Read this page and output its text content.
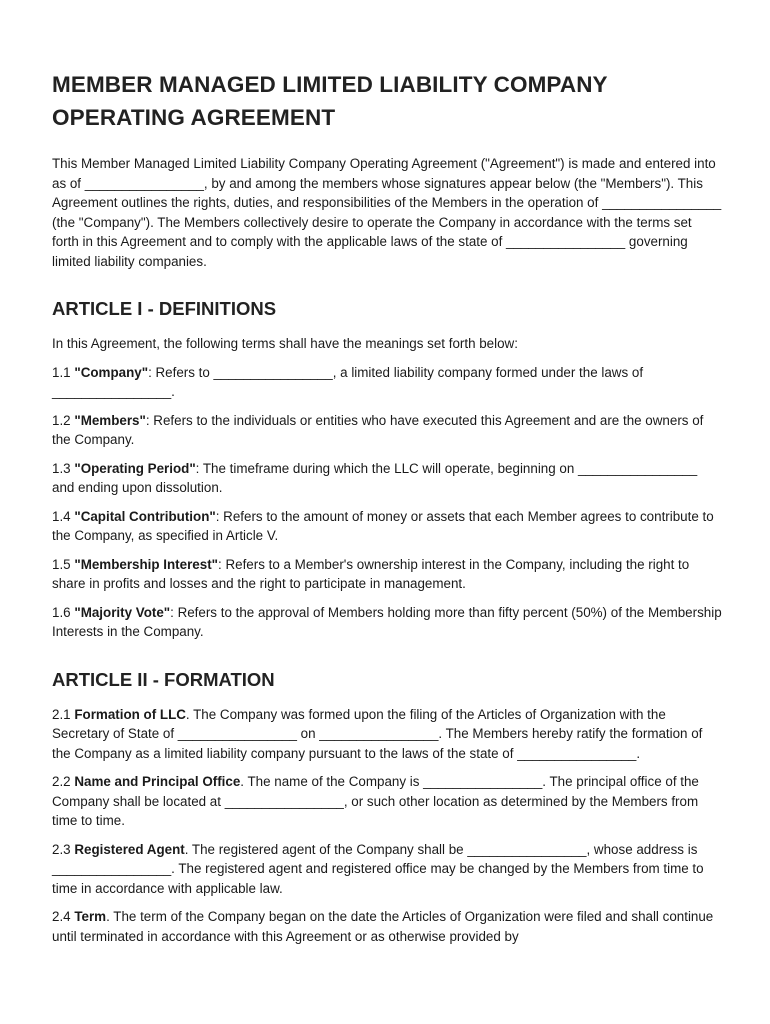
MEMBER MANAGED LIMITED LIABILITY COMPANY
OPERATING AGREEMENT

This Member Managed Limited Liability Company Operating Agreement ("Agreement") is made and entered into as of ________________, by and among the members whose signatures appear below (the "Members"). This Agreement outlines the rights, duties, and responsibilities of the Members in the operation of ________________ (the "Company"). The Members collectively desire to operate the Company in accordance with the terms set forth in this Agreement and to comply with the applicable laws of the state of ________________ governing limited liability companies.

ARTICLE I - DEFINITIONS

In this Agreement, the following terms shall have the meanings set forth below:

1.1 "Company": Refers to ________________, a limited liability company formed under the laws of ________________.

1.2 "Members": Refers to the individuals or entities who have executed this Agreement and are the owners of the Company.

1.3 "Operating Period": The timeframe during which the LLC will operate, beginning on ________________ and ending upon dissolution.

1.4 "Capital Contribution": Refers to the amount of money or assets that each Member agrees to contribute to the Company, as specified in Article V.

1.5 "Membership Interest": Refers to a Member's ownership interest in the Company, including the right to share in profits and losses and the right to participate in management.

1.6 "Majority Vote": Refers to the approval of Members holding more than fifty percent (50%) of the Membership Interests in the Company.

ARTICLE II - FORMATION

2.1 Formation of LLC. The Company was formed upon the filing of the Articles of Organization with the Secretary of State of ________________ on ________________. The Members hereby ratify the formation of the Company as a limited liability company pursuant to the laws of the state of ________________.

2.2 Name and Principal Office. The name of the Company is ________________. The principal office of the Company shall be located at ________________, or such other location as determined by the Members from time to time.

2.3 Registered Agent. The registered agent of the Company shall be ________________, whose address is ________________. The registered agent and registered office may be changed by the Members from time to time in accordance with applicable law.

2.4 Term. The term of the Company began on the date the Articles of Organization were filed and shall continue until terminated in accordance with this Agreement or as otherwise provided by
